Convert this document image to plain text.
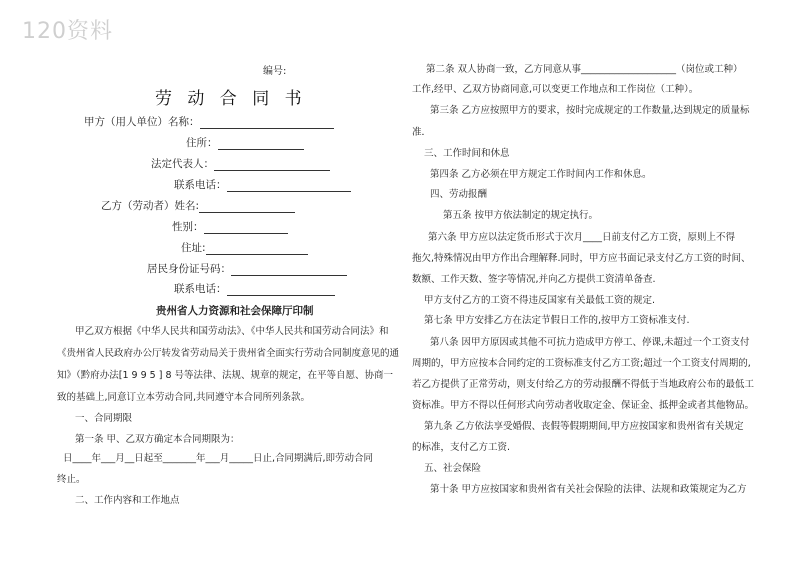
120资料
编号:
劳 动 合 同 书
甲方（用人单位）名称：
住所：
法定代表人：
联系电话：
乙方（劳动者）姓名:
性别：
住址:
居民身份证号码：
联系电话：
贵州省人力资源和社会保障厅印制
甲乙双方根据《中华人民共和国劳动法》、《中华人民共和国劳动合同法》和
《贵州省人民政府办公厅转发省劳动局关于贵州省全面实行劳动合同制度意见的通
知》（黔府办法[1 9 9 5 ] 8 号等法律、法规、规章的规定，在平等自愿、协商一
致的基础上,同意订立本劳动合同,共同遵守本合同所列条款。
一、合同期限
第一条 甲、乙双方确定本合同期限为：
日____年___月__日起至_______年___月_____日止,合同期满后,即劳动合同
终止。
二、工作内容和工作地点
第二条 双人协商一致，乙方同意从事____________________（岗位或工种）
工作,经甲、乙双方协商同意,可以变更工作地点和工作岗位（工种）。
第三条 乙方应按照甲方的要求，按时完成规定的工作数量,达到规定的质量标
准．
三、工作时间和休息
第四条 乙方必须在甲方规定工作时间内工作和休息。
四、劳动报酬
第五条 按甲方依法制定的规定执行。
第六条 甲方应以法定货币形式于次月____日前支付乙方工资，原则上不得
拖欠,特殊情况由甲方作出合理解释.同时，甲方应书面记录支付乙方工资的时间、
数额、工作天数、签字等情况,并向乙方提供工资清单备查.
甲方支付乙方的工资不得违反国家有关最低工资的规定.
第七条 甲方安排乙方在法定节假日工作的,按甲方工资标准支付.
第八条 因甲方原因或其他不可抗力造成甲方停工、停课,未超过一个工资支付
周期的，甲方应按本合同约定的工资标准支付乙方工资;超过一个工资支付周期的,
若乙方提供了正常劳动，则支付给乙方的劳动报酬不得低于当地政府公布的最低工
资标准。甲方不得以任何形式向劳动者收取定金、保证金、抵押金或者其他物品。
第九条 乙方依法享受婚假、丧假等假期期间,甲方应按国家和贵州省有关规定
的标准，支付乙方工资.
五、社会保险
第十条 甲方应按国家和贵州省有关社会保险的法律、法规和政策规定为乙方
